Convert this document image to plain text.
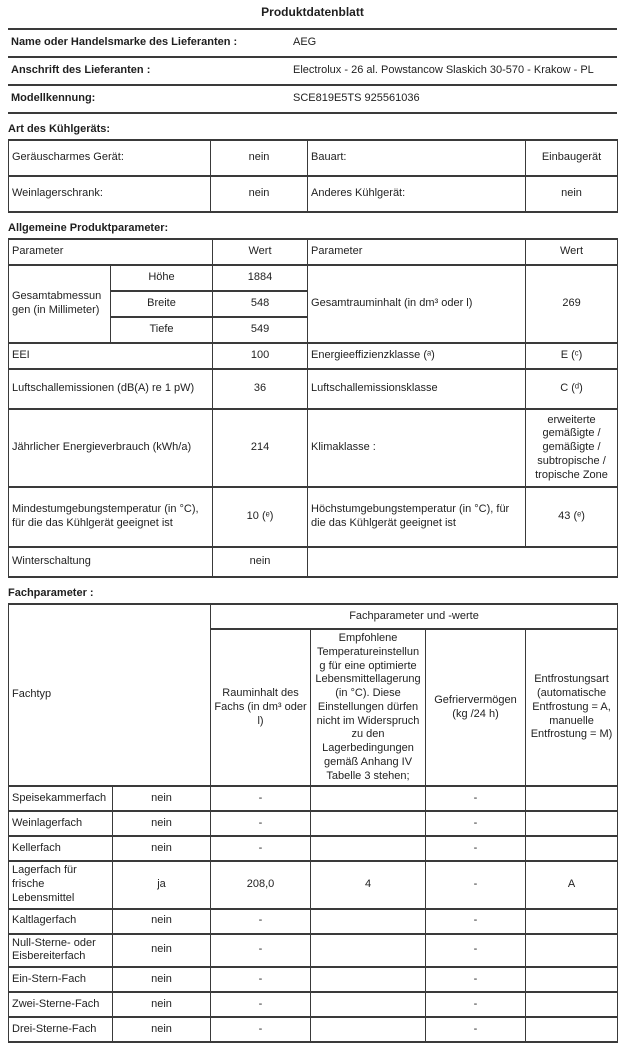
Produktdatenblatt
Name oder Handelsmarke des Lieferanten :	AEG
Anschrift des Lieferanten :	Electrolux - 26 al. Powstancow Slaskich 30-570 - Krakow - PL
Modellkennung:	SCE819E5TS 925561036
Art des Kühlgeräts:
Geräuscharmes Gerät:	nein	Bauart:	Einbaugerät
Weinlagerschrank:	nein	Anderes Kühlgerät:	nein
Allgemeine Produktparameter:
Parameter		Wert	Parameter	Wert
Gesamtabmessungen (in Millimeter)	Höhe	1884	Gesamtrauminhalt (in dm³ oder l)	269
	Breite	548		
	Tiefe	549		
EEI		100	Energieeffizienzklasse (ᵃ)	E (ᶜ)
Luftschallemissionen (dB(A) re 1 pW)		36	Luftschallemissionsklasse	C (ᵈ)
Jährlicher Energieverbrauch (kWh/a)		214	Klimaklasse :	erweiterte gemäßigte / gemäßigte / subtropische / tropische Zone
Mindestumgebungstemperatur (in °C), für die das Kühlgerät geeignet ist		10 (ᵉ)	Höchstumgebungstemperatur (in °C), für die das Kühlgerät geeignet ist	43 (ᵉ)
Winterschaltung		nein		
Fachparameter :
Fachtyp		Fachparameter und -werte			
		Rauminhalt des Fachs (in dm³ oder l)	Empfohlene Temperatureinstellung für eine optimierte Lebensmittellagerung (in °C). Diese Einstellungen dürfen nicht im Widerspruch zu den Lagerbedingungen gemäß Anhang IV Tabelle 3 stehen;	Gefriervermögen (kg /24 h)	Entfrostungsart (automatische Entfrostung = A, manuelle Entfrostung = M)
Speisekammerfach	nein	-		-	
Weinlagerfach	nein	-		-	
Kellerfach	nein	-		-	
Lagerfach für frische Lebensmittel	ja	208,0	4	-	A
Kaltlagerfach	nein	-		-	
Null-Sterne- oder Eisbereiterfach	nein	-		-	
Ein-Stern-Fach	nein	-		-	
Zwei-Sterne-Fach	nein	-		-	
Drei-Sterne-Fach	nein	-		-	
